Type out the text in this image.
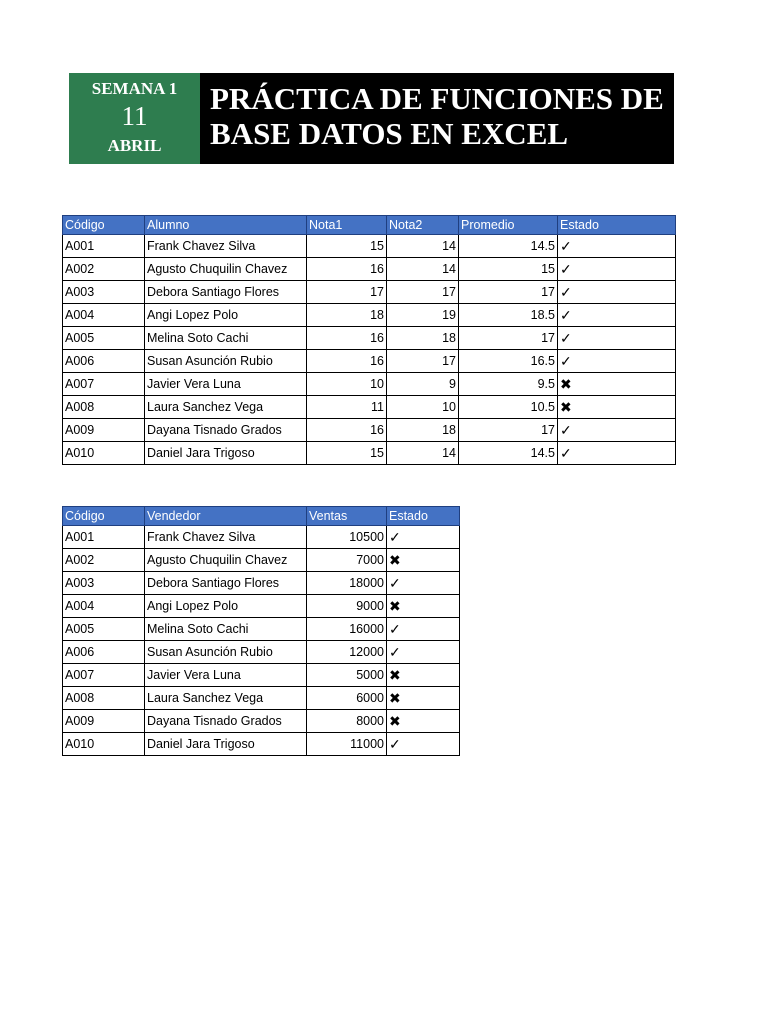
SEMANA 1
11
ABRIL
PRÁCTICA DE FUNCIONES DE
BASE DATOS EN EXCEL
Código	Alumno	Nota1	Nota2	Promedio	Estado
A001	Frank Chavez Silva	15	14	14.5	✓
A002	Agusto Chuquilin Chavez	16	14	15	✓
A003	Debora Santiago Flores	17	17	17	✓
A004	Angi Lopez Polo	18	19	18.5	✓
A005	Melina Soto Cachi	16	18	17	✓
A006	Susan Asunción Rubio	16	17	16.5	✓
A007	Javier Vera Luna	10	9	9.5	✖
A008	Laura Sanchez Vega	11	10	10.5	✖
A009	Dayana Tisnado Grados	16	18	17	✓
A010	Daniel Jara Trigoso	15	14	14.5	✓
Código	Vendedor	Ventas	Estado
A001	Frank Chavez Silva	10500	✓
A002	Agusto Chuquilin Chavez	7000	✖
A003	Debora Santiago Flores	18000	✓
A004	Angi Lopez Polo	9000	✖
A005	Melina Soto Cachi	16000	✓
A006	Susan Asunción Rubio	12000	✓
A007	Javier Vera Luna	5000	✖
A008	Laura Sanchez Vega	6000	✖
A009	Dayana Tisnado Grados	8000	✖
A010	Daniel Jara Trigoso	11000	✓
